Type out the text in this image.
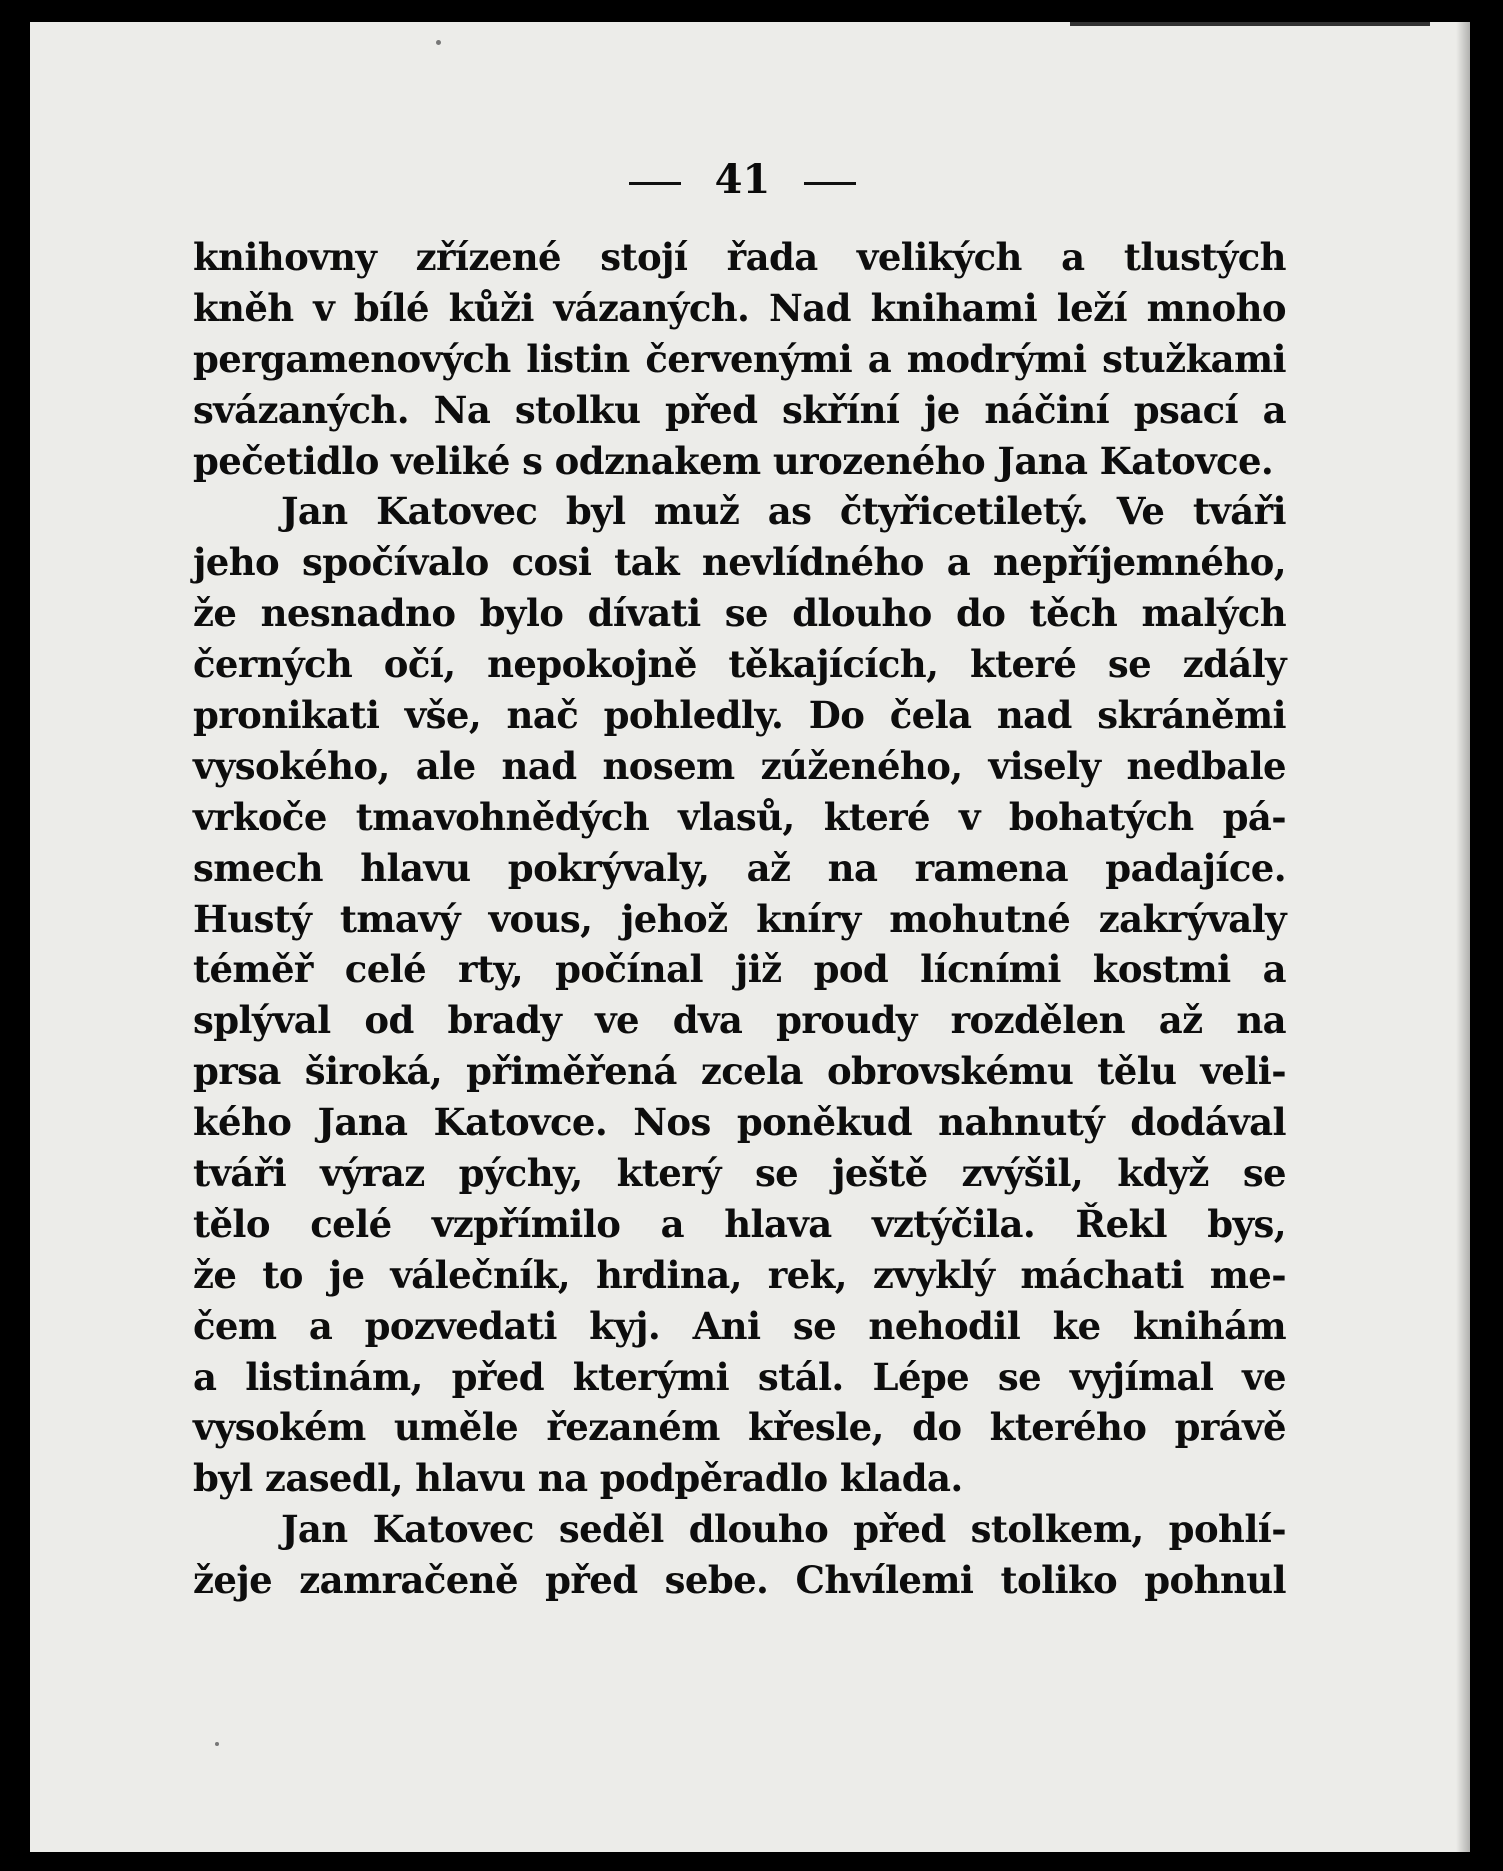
41
knihovny zřízené stojí řada velikých a tlustých
kněh v bílé kůži vázaných. Nad knihami leží mnoho
pergamenových listin červenými a modrými stužkami
svázaných. Na stolku před skříní je náčiní psací a
pečetidlo veliké s odznakem urozeného Jana Katovce.
Jan Katovec byl muž as čtyřicetiletý. Ve tváři
jeho spočívalo cosi tak nevlídného a nepříjemného,
že nesnadno bylo dívati se dlouho do těch malých
černých očí, nepokojně těkajících, které se zdály
pronikati vše, nač pohledly. Do čela nad skráněmi
vysokého, ale nad nosem zúženého, visely nedbale
vrkoče tmavohnědých vlasů, které v bohatých pá-
smech hlavu pokrývaly, až na ramena padajíce.
Hustý tmavý vous, jehož kníry mohutné zakrývaly
téměř celé rty, počínal již pod lícními kostmi a
splýval od brady ve dva proudy rozdělen až na
prsa široká, přiměřená zcela obrovskému tělu veli-
kého Jana Katovce. Nos poněkud nahnutý dodával
tváři výraz pýchy, který se ještě zvýšil, když se
tělo celé vzpřímilo a hlava vztýčila. Řekl bys,
že to je válečník, hrdina, rek, zvyklý máchati me-
čem a pozvedati kyj. Ani se nehodil ke knihám
a listinám, před kterými stál. Lépe se vyjímal ve
vysokém uměle řezaném křesle, do kterého právě
byl zasedl, hlavu na podpěradlo klada.
Jan Katovec seděl dlouho před stolkem, pohlí-
žeje zamračeně před sebe. Chvílemi toliko pohnul
